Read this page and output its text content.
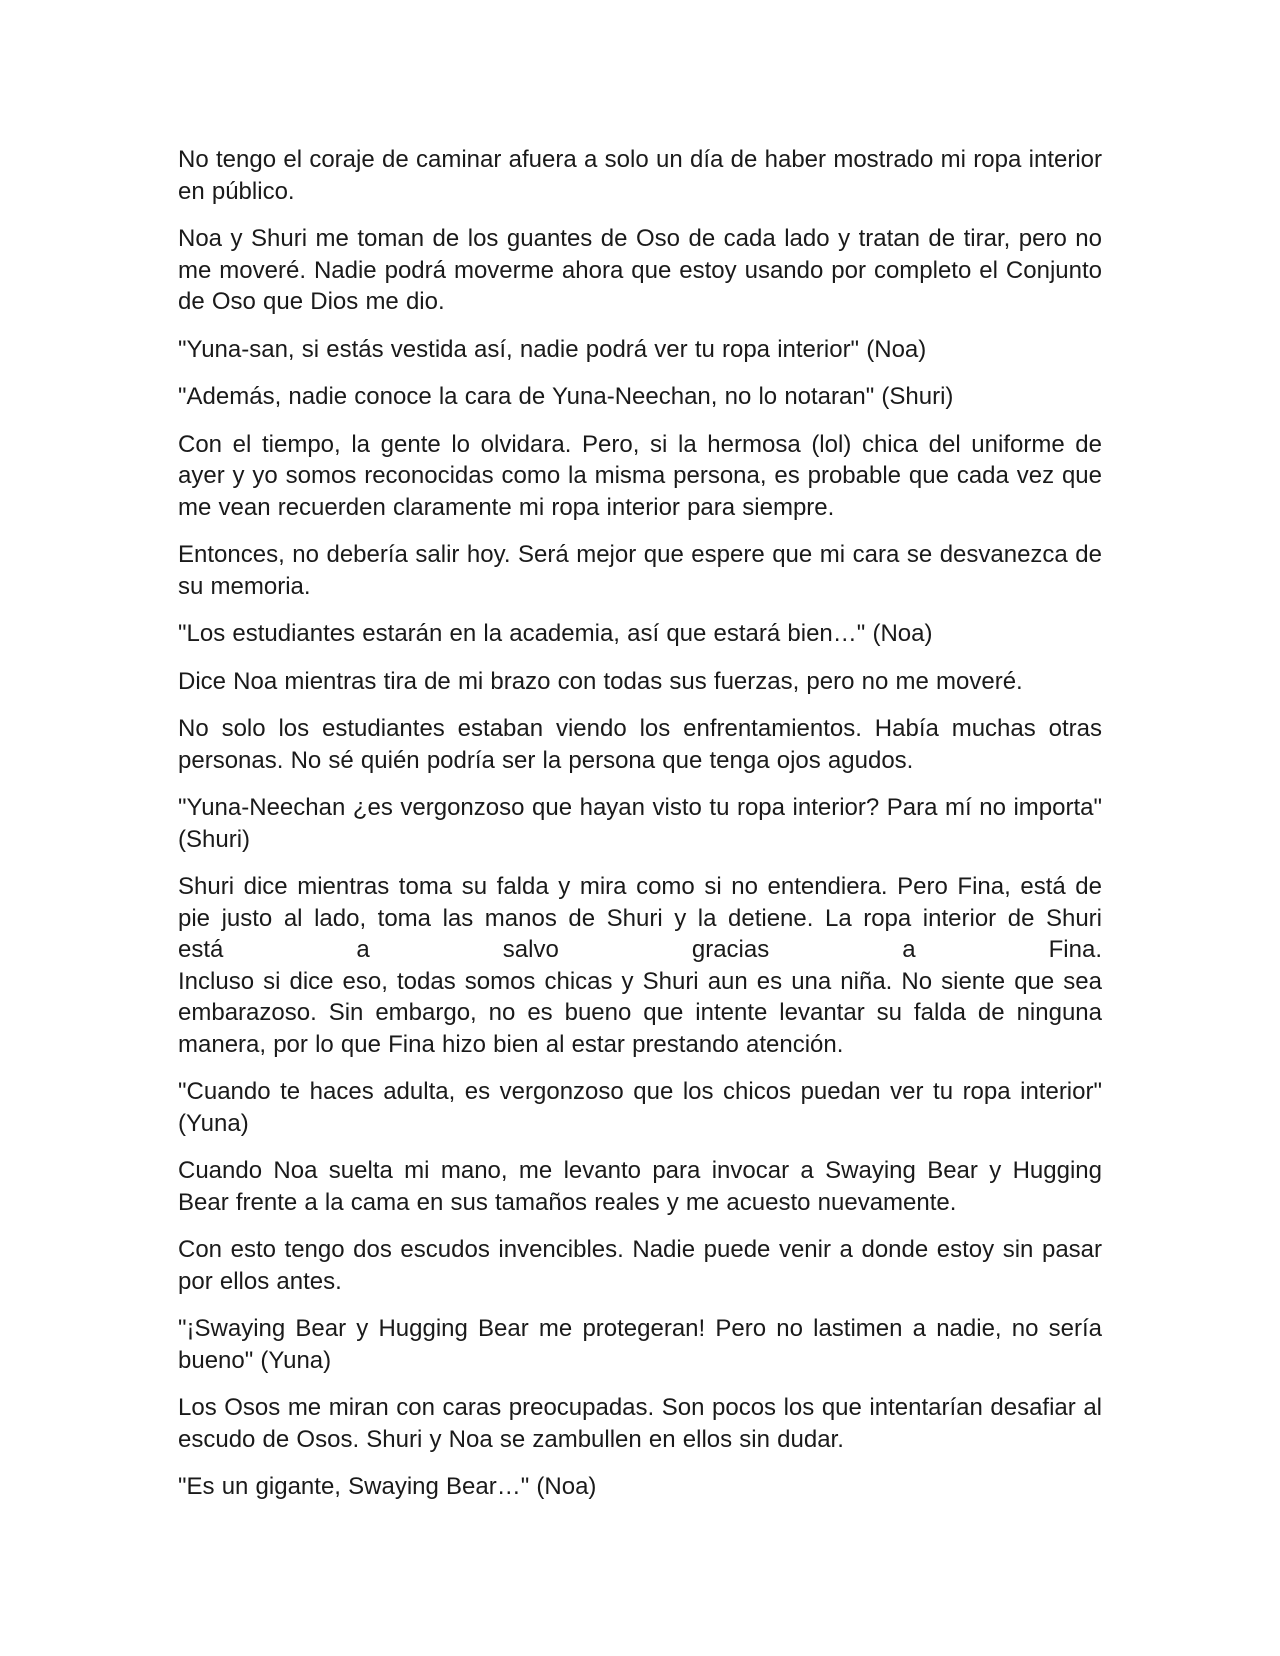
No tengo el coraje de caminar afuera a solo un día de haber mostrado mi ropa interior en público.

Noa y Shuri me toman de los guantes de Oso de cada lado y tratan de tirar, pero no me moveré. Nadie podrá moverme ahora que estoy usando por completo el Conjunto de Oso que Dios me dio.

"Yuna-san, si estás vestida así, nadie podrá ver tu ropa interior" (Noa)

"Además, nadie conoce la cara de Yuna-Neechan, no lo notaran" (Shuri)

Con el tiempo, la gente lo olvidara. Pero, si la hermosa (lol) chica del uniforme de ayer y yo somos reconocidas como la misma persona, es probable que cada vez que me vean recuerden claramente mi ropa interior para siempre.

Entonces, no debería salir hoy. Será mejor que espere que mi cara se desvanezca de su memoria.

"Los estudiantes estarán en la academia, así que estará bien…" (Noa)

Dice Noa mientras tira de mi brazo con todas sus fuerzas, pero no me moveré.

No solo los estudiantes estaban viendo los enfrentamientos. Había muchas otras personas. No sé quién podría ser la persona que tenga ojos agudos.

"Yuna-Neechan ¿es vergonzoso que hayan visto tu ropa interior? Para mí no importa" (Shuri)

Shuri dice mientras toma su falda y mira como si no entendiera. Pero Fina, está de pie justo al lado, toma las manos de Shuri y la detiene. La ropa interior de Shuri
está a salvo gracias a Fina.
Incluso si dice eso, todas somos chicas y Shuri aun es una niña. No siente que sea embarazoso. Sin embargo, no es bueno que intente levantar su falda de ninguna manera, por lo que Fina hizo bien al estar prestando atención.

"Cuando te haces adulta, es vergonzoso que los chicos puedan ver tu ropa interior" (Yuna)

Cuando Noa suelta mi mano, me levanto para invocar a Swaying Bear y Hugging Bear frente a la cama en sus tamaños reales y me acuesto nuevamente.

Con esto tengo dos escudos invencibles. Nadie puede venir a donde estoy sin pasar por ellos antes.

"¡Swaying Bear y Hugging Bear me protegeran! Pero no lastimen a nadie, no sería bueno" (Yuna)

Los Osos me miran con caras preocupadas. Son pocos los que intentarían desafiar al escudo de Osos. Shuri y Noa se zambullen en ellos sin dudar.

"Es un gigante, Swaying Bear…" (Noa)
